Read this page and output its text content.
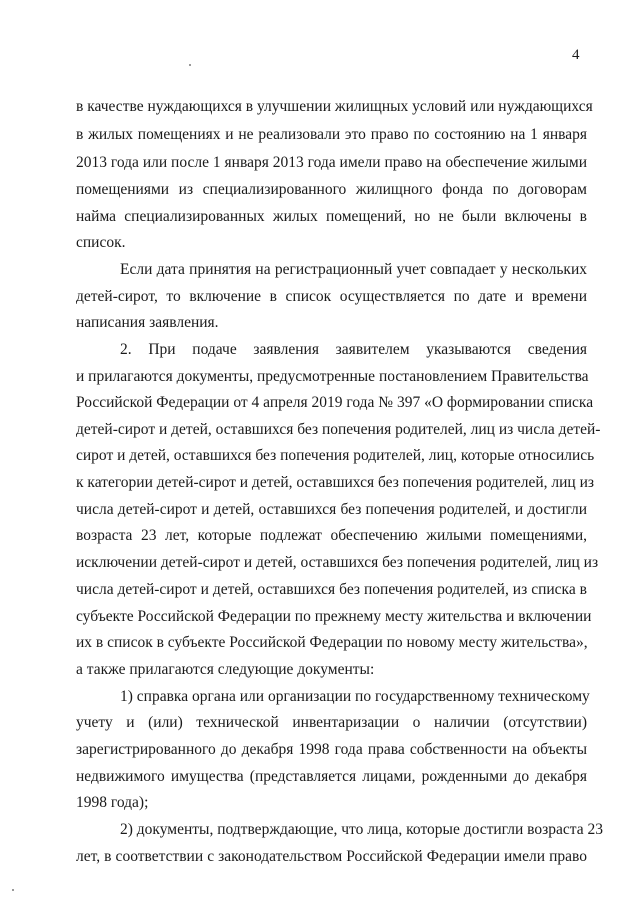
4
в качестве нуждающихся в улучшении жилищных условий или нуждающихся
в жилых помещениях и не реализовали это право по состоянию на 1 января
2013 года или после 1 января 2013 года имели право на обеспечение жилыми
помещениями из специализированного жилищного фонда по договорам
найма специализированных жилых помещений, но не были включены в
список.
Если дата принятия на регистрационный учет совпадает у нескольких
детей-сирот, то включение в список осуществляется по дате и времени
написания заявления.
2. При подаче заявления заявителем указываются сведения
и прилагаются документы, предусмотренные постановлением Правительства
Российской Федерации от 4 апреля 2019 года № 397 «О формировании списка
детей-сирот и детей, оставшихся без попечения родителей, лиц из числа детей-
сирот и детей, оставшихся без попечения родителей, лиц, которые относились
к категории детей-сирот и детей, оставшихся без попечения родителей, лиц из
числа детей-сирот и детей, оставшихся без попечения родителей, и достигли
возраста 23 лет, которые подлежат обеспечению жилыми помещениями,
исключении детей-сирот и детей, оставшихся без попечения родителей, лиц из
числа детей-сирот и детей, оставшихся без попечения родителей, из списка в
субъекте Российской Федерации по прежнему месту жительства и включении
их в список в субъекте Российской Федерации по новому месту жительства»,
а также прилагаются следующие документы:
1) справка органа или организации по государственному техническому
учету и (или) технической инвентаризации о наличии (отсутствии)
зарегистрированного до декабря 1998 года права собственности на объекты
недвижимого имущества (представляется лицами, рожденными до декабря
1998 года);
2) документы, подтверждающие, что лица, которые достигли возраста 23
лет, в соответствии с законодательством Российской Федерации имели право
